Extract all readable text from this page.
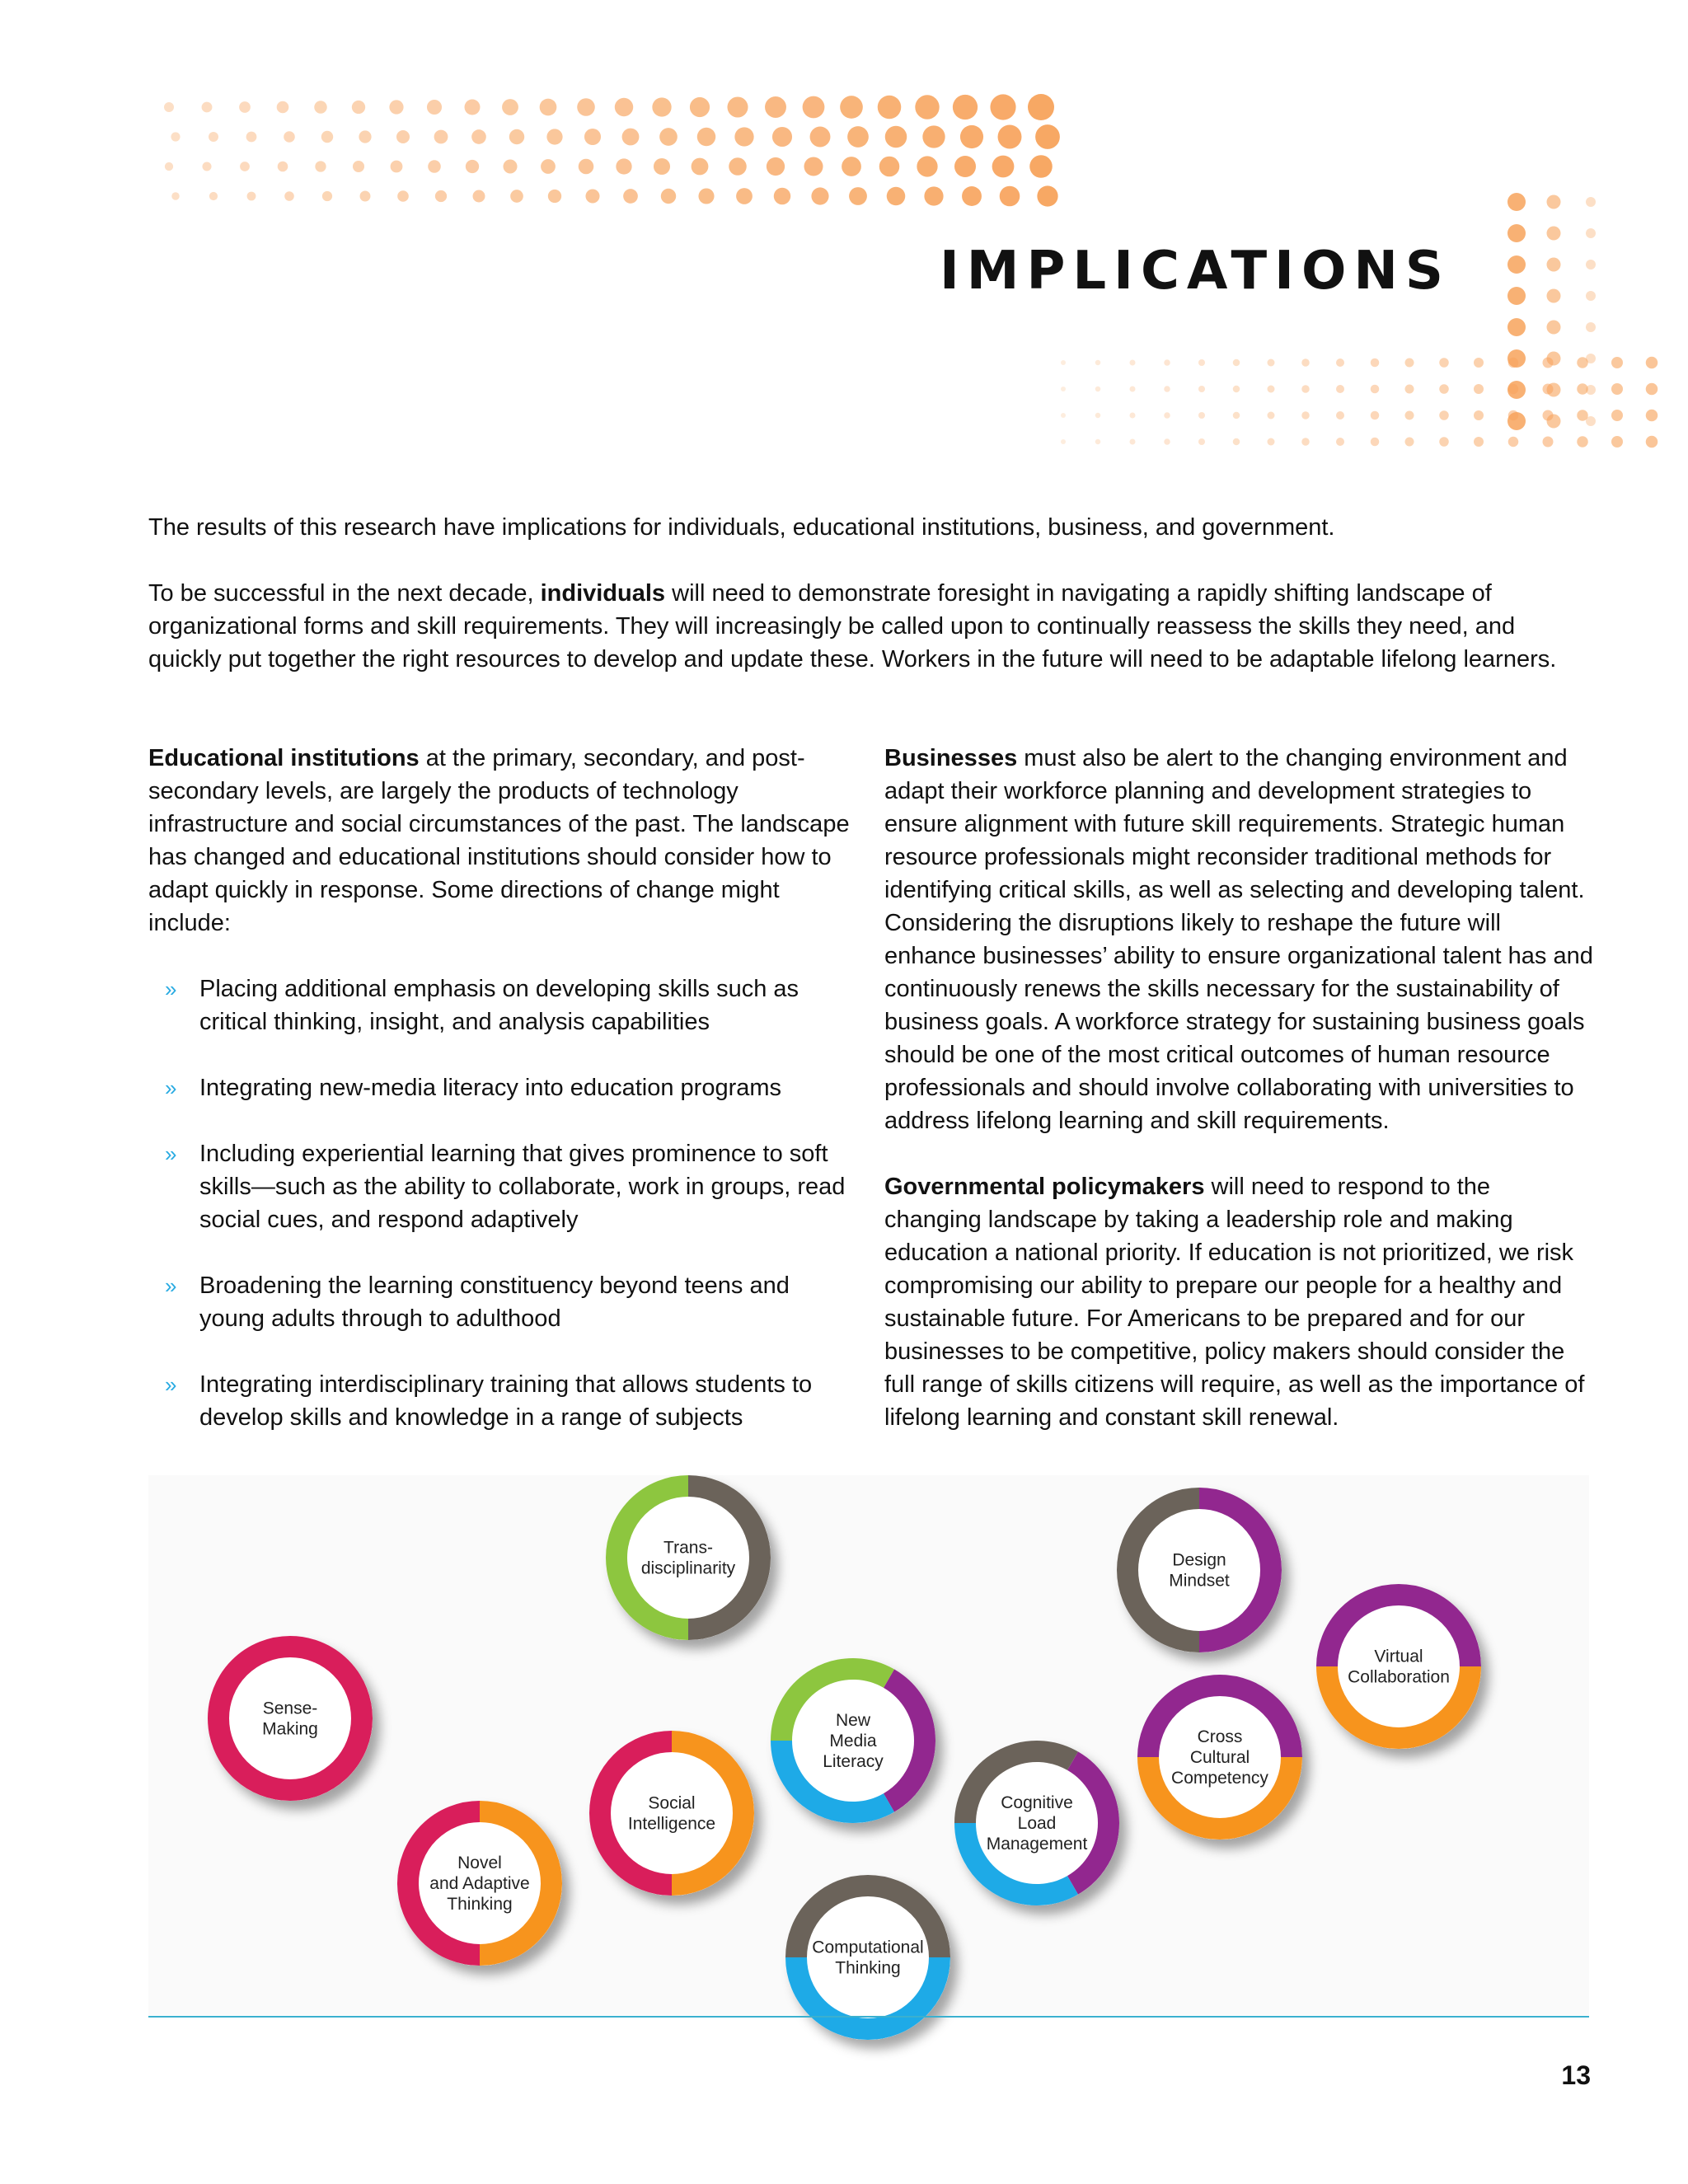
IMPLICATIONS

The results of this research have implications for individuals, educational institutions, business, and government.

To be successful in the next decade, individuals will need to demonstrate foresight in navigating a rapidly shifting landscape of organizational forms and skill requirements. They will increasingly be called upon to continually reassess the skills they need, and quickly put together the right resources to develop and update these. Workers in the future will need to be adaptable lifelong learners.

Educational institutions at the primary, secondary, and post-secondary levels, are largely the products of technology infrastructure and social circumstances of the past. The landscape has changed and educational institutions should consider how to adapt quickly in response. Some directions of change might include:

» Placing additional emphasis on developing skills such as critical thinking, insight, and analysis capabilities
» Integrating new-media literacy into education programs
» Including experiential learning that gives prominence to soft skills—such as the ability to collaborate, work in groups, read social cues, and respond adaptively
» Broadening the learning constituency beyond teens and young adults through to adulthood
» Integrating interdisciplinary training that allows students to develop skills and knowledge in a range of subjects

Businesses must also be alert to the changing environment and adapt their workforce planning and development strategies to ensure alignment with future skill requirements. Strategic human resource professionals might reconsider traditional methods for identifying critical skills, as well as selecting and developing talent. Considering the disruptions likely to reshape the future will enhance businesses’ ability to ensure organizational talent has and continuously renews the skills necessary for the sustainability of business goals. A workforce strategy for sustaining business goals should be one of the most critical outcomes of human resource professionals and should involve collaborating with universities to address lifelong learning and skill requirements.

Governmental policymakers will need to respond to the changing landscape by taking a leadership role and making education a national priority. If education is not prioritized, we risk compromising our ability to prepare our people for a healthy and sustainable future. For Americans to be prepared and for our businesses to be competitive, policy makers should consider the full range of skills citizens will require, as well as the importance of lifelong learning and constant skill renewal.

Trans-
disciplinarity	Design
Mindset
Virtual
Collaboration
Sense-
Making	New
Media
Literacy
Cross
Cultural
Competency
Social
Intelligence
Cognitive
Load
Management
Novel
and Adaptive
Thinking
Computational
Thinking
13
